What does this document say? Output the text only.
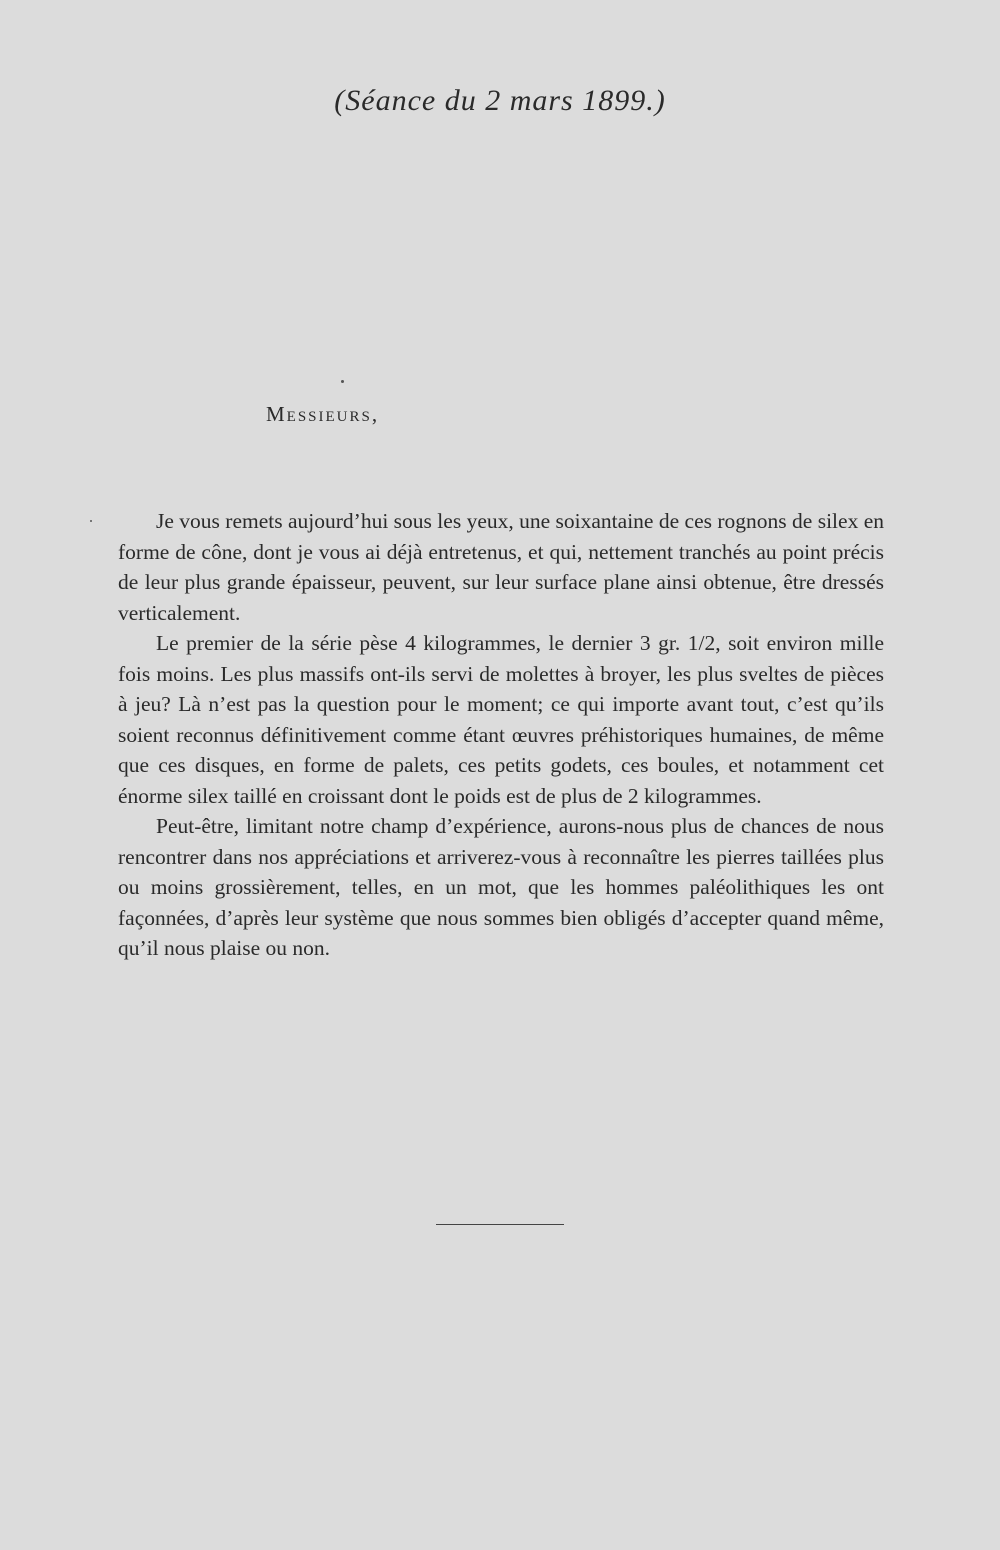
(Séance du 2 mars 1899.)
Messieurs,

Je vous remets aujourd’hui sous les yeux, une soixantaine de ces rognons de silex en forme de cône, dont je vous ai déjà entretenus, et qui, nettement tranchés au point précis de leur plus grande épaisseur, peuvent, sur leur surface plane ainsi obtenue, être dressés verticalement.

Le premier de la série pèse 4 kilogrammes, le dernier 3 gr. 1/2, soit environ mille fois moins. Les plus massifs ont-ils servi de molettes à broyer, les plus sveltes de pièces à jeu? Là n’est pas la question pour le moment; ce qui importe avant tout, c’est qu’ils soient reconnus définitivement comme étant œuvres préhistoriques humaines, de même que ces disques, en forme de palets, ces petits godets, ces boules, et notamment cet énorme silex taillé en croissant dont le poids est de plus de 2 kilogrammes.

Peut-être, limitant notre champ d’expérience, aurons-nous plus de chances de nous rencontrer dans nos appréciations et arriverez-vous à reconnaître les pierres taillées plus ou moins grossièrement, telles, en un mot, que les hommes paléolithiques les ont façonnées, d’après leur système que nous sommes bien obligés d’accepter quand même, qu’il nous plaise ou non.
